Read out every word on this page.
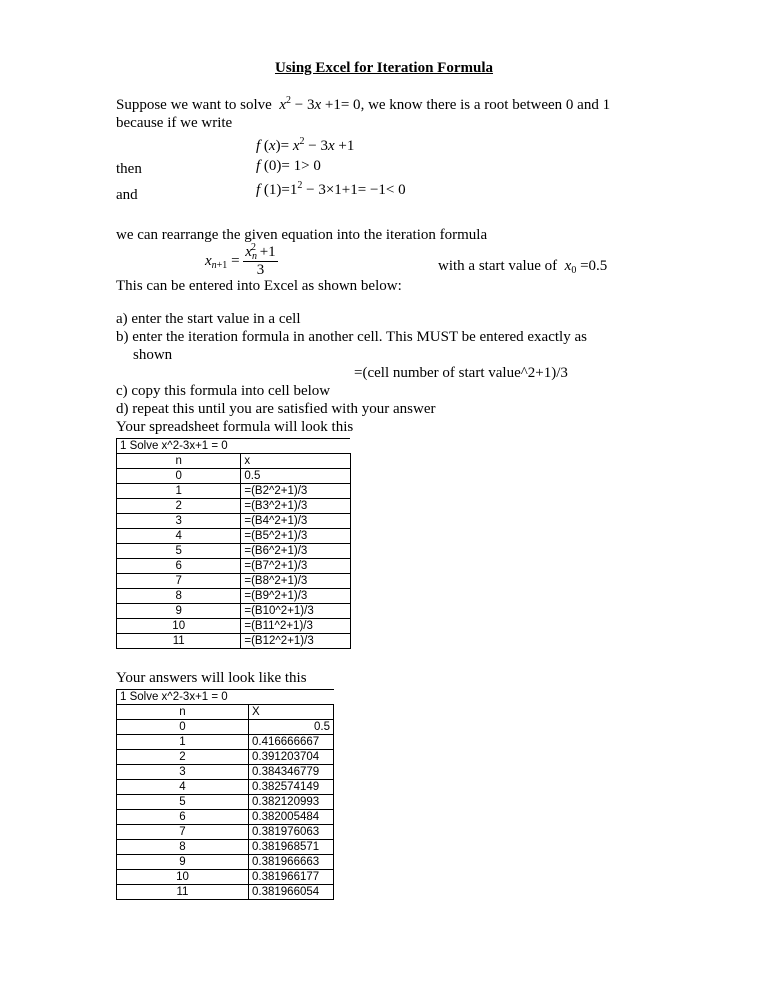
Using Excel for Iteration Formula
Suppose we want to solve  $x^2 - 3x +1= 0$, we know there is a root between 0 and 1
because if we write
f $(x)= x^2 - 3x +1$
then	f (0)= 1> 0
and	f $(1)=1^2 - 3\times 1+1= -1< 0$
we can rearrange the given equation into the iteration formula
$x_{n+1} = \frac{x_n^2 +1}{3}$	with a start value of  $x_0 =0.5$
This can be entered into Excel as shown below:
a) enter the start value in a cell
b) enter the iteration formula in another cell. This MUST be entered exactly as
shown
=(cell number of start value^2+1)/3
c) copy this formula into cell below
d) repeat this until you are satisfied with your answer
Your spreadsheet formula will look this
1 Solve x^2-3x+1 = 0	
n	x
0	0.5
1	=(B2^2+1)/3
2	=(B3^2+1)/3
3	=(B4^2+1)/3
4	=(B5^2+1)/3
5	=(B6^2+1)/3
6	=(B7^2+1)/3
7	=(B8^2+1)/3
8	=(B9^2+1)/3
9	=(B10^2+1)/3
10	=(B11^2+1)/3
11	=(B12^2+1)/3
Your answers will look like this
1 Solve x^2-3x+1 = 0	
n	X
0	0.5
1	0.416666667
2	0.391203704
3	0.384346779
4	0.382574149
5	0.382120993
6	0.382005484
7	0.381976063
8	0.381968571
9	0.381966663
10	0.381966177
11	0.381966054
